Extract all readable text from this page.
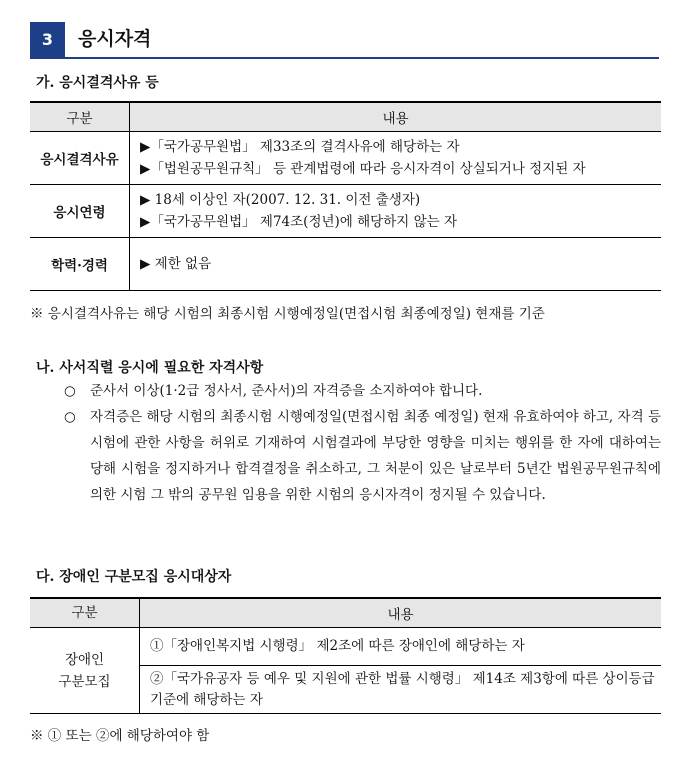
3	응시자격
가. 응시결격사유 등
구분	내용
응시결격사유	▶「국가공무원법」 제33조의 결격사유에 해당하는 자
▶「법원공무원규칙」 등 관계법령에 따라 응시자격이 상실되거나 정지된 자

응시연령	▶ 18세 이상인 자(2007. 12. 31. 이전 출생자)
▶「국가공무원법」 제74조(정년)에 해당하지 않는 자

학력·경력	▶ 제한 없음
※ 응시결격사유는 해당 시험의 최종시험 시행예정일(면접시험 최종예정일) 현재를 기준
나. 사서직렬 응시에 필요한 자격사항
○	준사서 이상(1·2급 정사서, 준사서)의 자격증을 소지하여야 합니다.
○	자격증은 해당 시험의 최종시험 시행예정일(면접시험 최종 예정일) 현재 유효하여야 하고, 자격 등 시험에 관한 사항을 허위로 기재하여 시험결과에 부당한 영향을 미치는 행위를 한 자에 대하여는 당해 시험을 정지하거나 합격결정을 취소하고, 그 처분이 있은 날로부터 5년간 법원공무원규칙에 의한 시험 그 밖의 공무원 임용을 위한 시험의 응시자격이 정지될 수 있습니다.
다. 장애인 구분모집 응시대상자
구분	내용

장애인
구분모집	①「장애인복지법 시행령」 제2조에 따른 장애인에 해당하는 자
	②「국가유공자 등 예우 및 지원에 관한 법률 시행령」 제14조 제3항에 따른 상이등급기준에 해당하는 자
※ ① 또는 ②에 해당하여야 함
